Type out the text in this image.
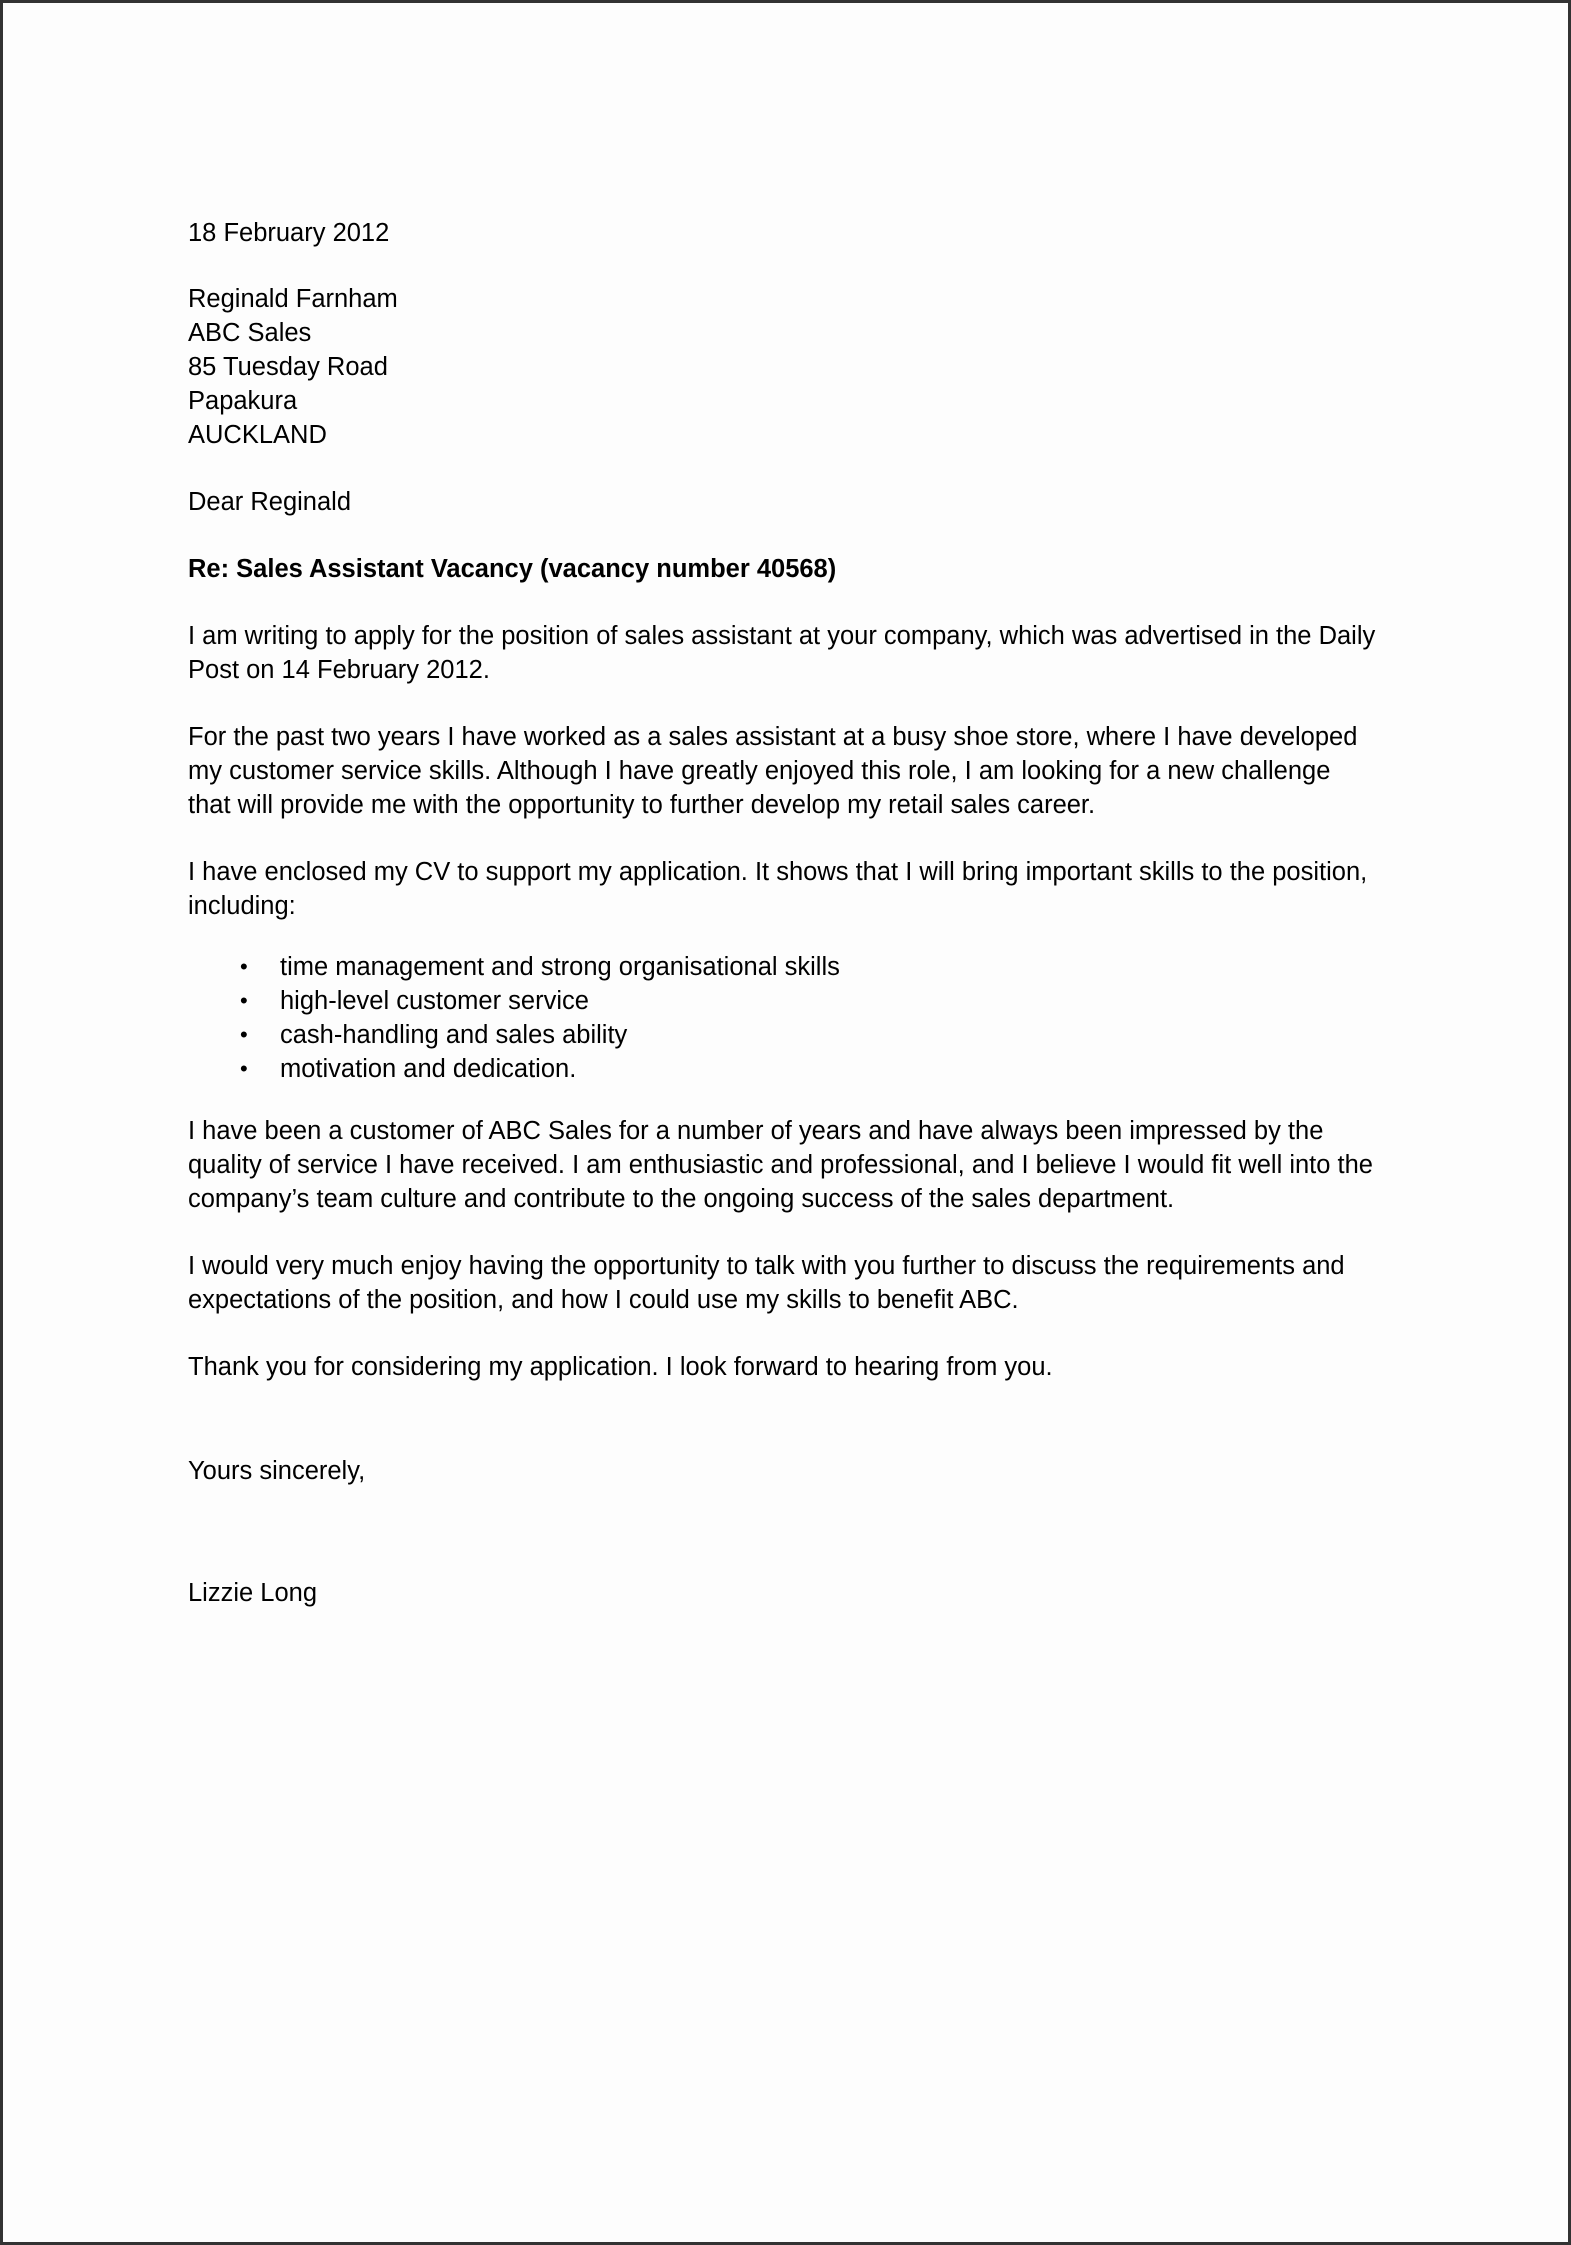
18 February 2012
Reginald Farnham
ABC Sales
85 Tuesday Road
Papakura
AUCKLAND
Dear Reginald
Re: Sales Assistant Vacancy (vacancy number 40568)
I am writing to apply for the position of sales assistant at your company, which was advertised in the Daily Post on 14 February 2012.
For the past two years I have worked as a sales assistant at a busy shoe store, where I have developed my customer service skills. Although I have greatly enjoyed this role, I am looking for a new challenge that will provide me with the opportunity to further develop my retail sales career.
I have enclosed my CV to support my application. It shows that I will bring important skills to the position, including:
• time management and strong organisational skills
• high-level customer service
• cash-handling and sales ability
• motivation and dedication.
I have been a customer of ABC Sales for a number of years and have always been impressed by the quality of service I have received. I am enthusiastic and professional, and I believe I would fit well into the company’s team culture and contribute to the ongoing success of the sales department.
I would very much enjoy having the opportunity to talk with you further to discuss the requirements and expectations of the position, and how I could use my skills to benefit ABC.
Thank you for considering my application. I look forward to hearing from you.
Yours sincerely,
Lizzie Long
